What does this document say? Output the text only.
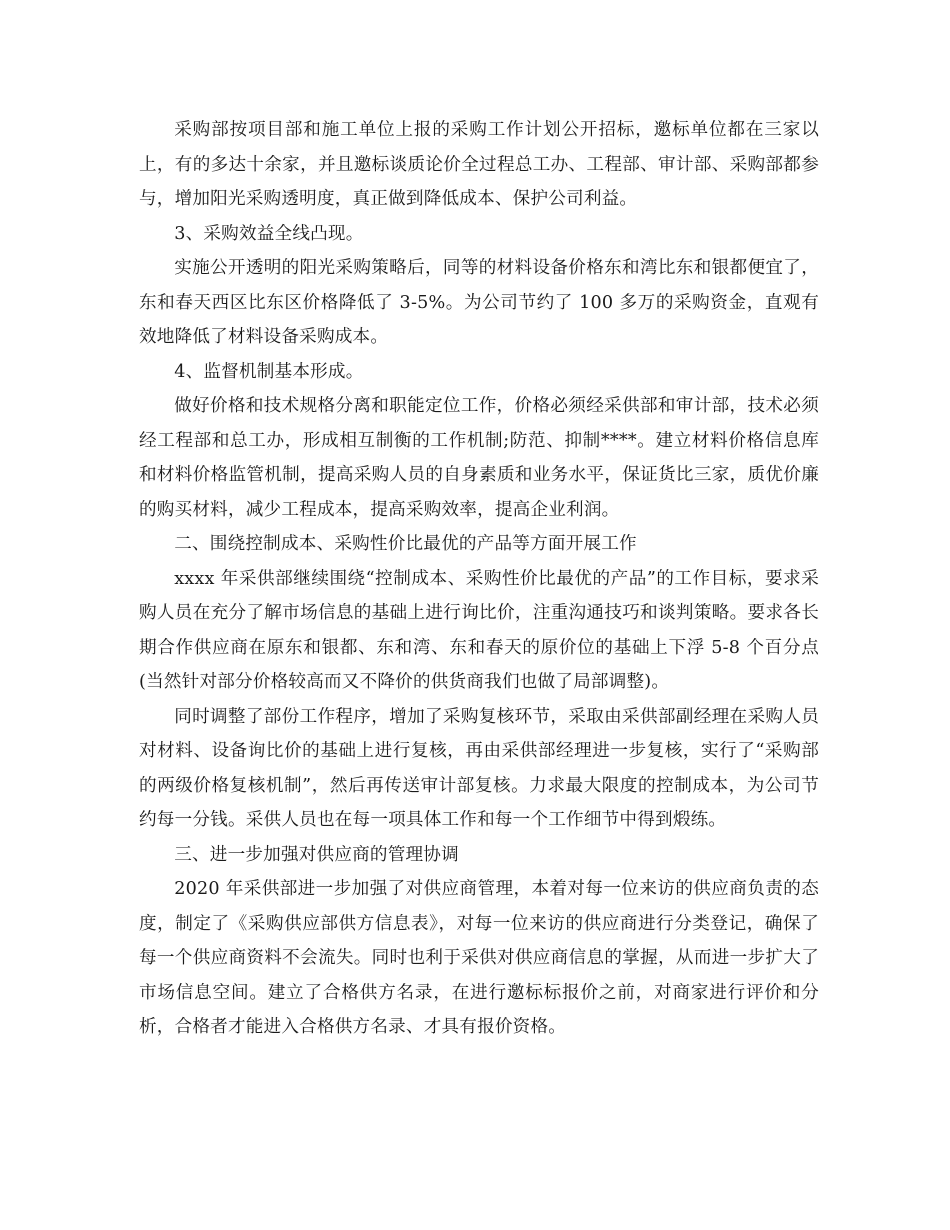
采购部按项目部和施工单位上报的采购工作计划公开招标，邀标单位都在三家以上，有的多达十余家，并且邀标谈质论价全过程总工办、工程部、审计部、采购部都参与，增加阳光采购透明度，真正做到降低成本、保护公司利益。

3、采购效益全线凸现。

实施公开透明的阳光采购策略后，同等的材料设备价格东和湾比东和银都便宜了，东和春天西区比东区价格降低了 3-5%。为公司节约了 100 多万的采购资金，直观有效地降低了材料设备采购成本。

4、监督机制基本形成。

做好价格和技术规格分离和职能定位工作，价格必须经采供部和审计部，技术必须经工程部和总工办，形成相互制衡的工作机制;防范、抑制****。建立材料价格信息库和材料价格监管机制，提高采购人员的自身素质和业务水平，保证货比三家，质优价廉的购买材料，减少工程成本，提高采购效率，提高企业利润。

二、围绕控制成本、采购性价比最优的产品等方面开展工作

xxxx 年采供部继续围绕“控制成本、采购性价比最优的产品”的工作目标，要求采购人员在充分了解市场信息的基础上进行询比价，注重沟通技巧和谈判策略。要求各长期合作供应商在原东和银都、东和湾、东和春天的原价位的基础上下浮 5-8 个百分点(当然针对部分价格较高而又不降价的供货商我们也做了局部调整)。

同时调整了部份工作程序，增加了采购复核环节，采取由采供部副经理在采购人员对材料、设备询比价的基础上进行复核，再由采供部经理进一步复核，实行了“采购部的两级价格复核机制”，然后再传送审计部复核。力求最大限度的控制成本，为公司节约每一分钱。采供人员也在每一项具体工作和每一个工作细节中得到煅练。

三、进一步加强对供应商的管理协调

2020 年采供部进一步加强了对供应商管理，本着对每一位来访的供应商负责的态度，制定了《采购供应部供方信息表》，对每一位来访的供应商进行分类登记，确保了每一个供应商资料不会流失。同时也利于采供对供应商信息的掌握，从而进一步扩大了市场信息空间。建立了合格供方名录，在进行邀标标报价之前，对商家进行评价和分析，合格者才能进入合格供方名录、才具有报价资格。
